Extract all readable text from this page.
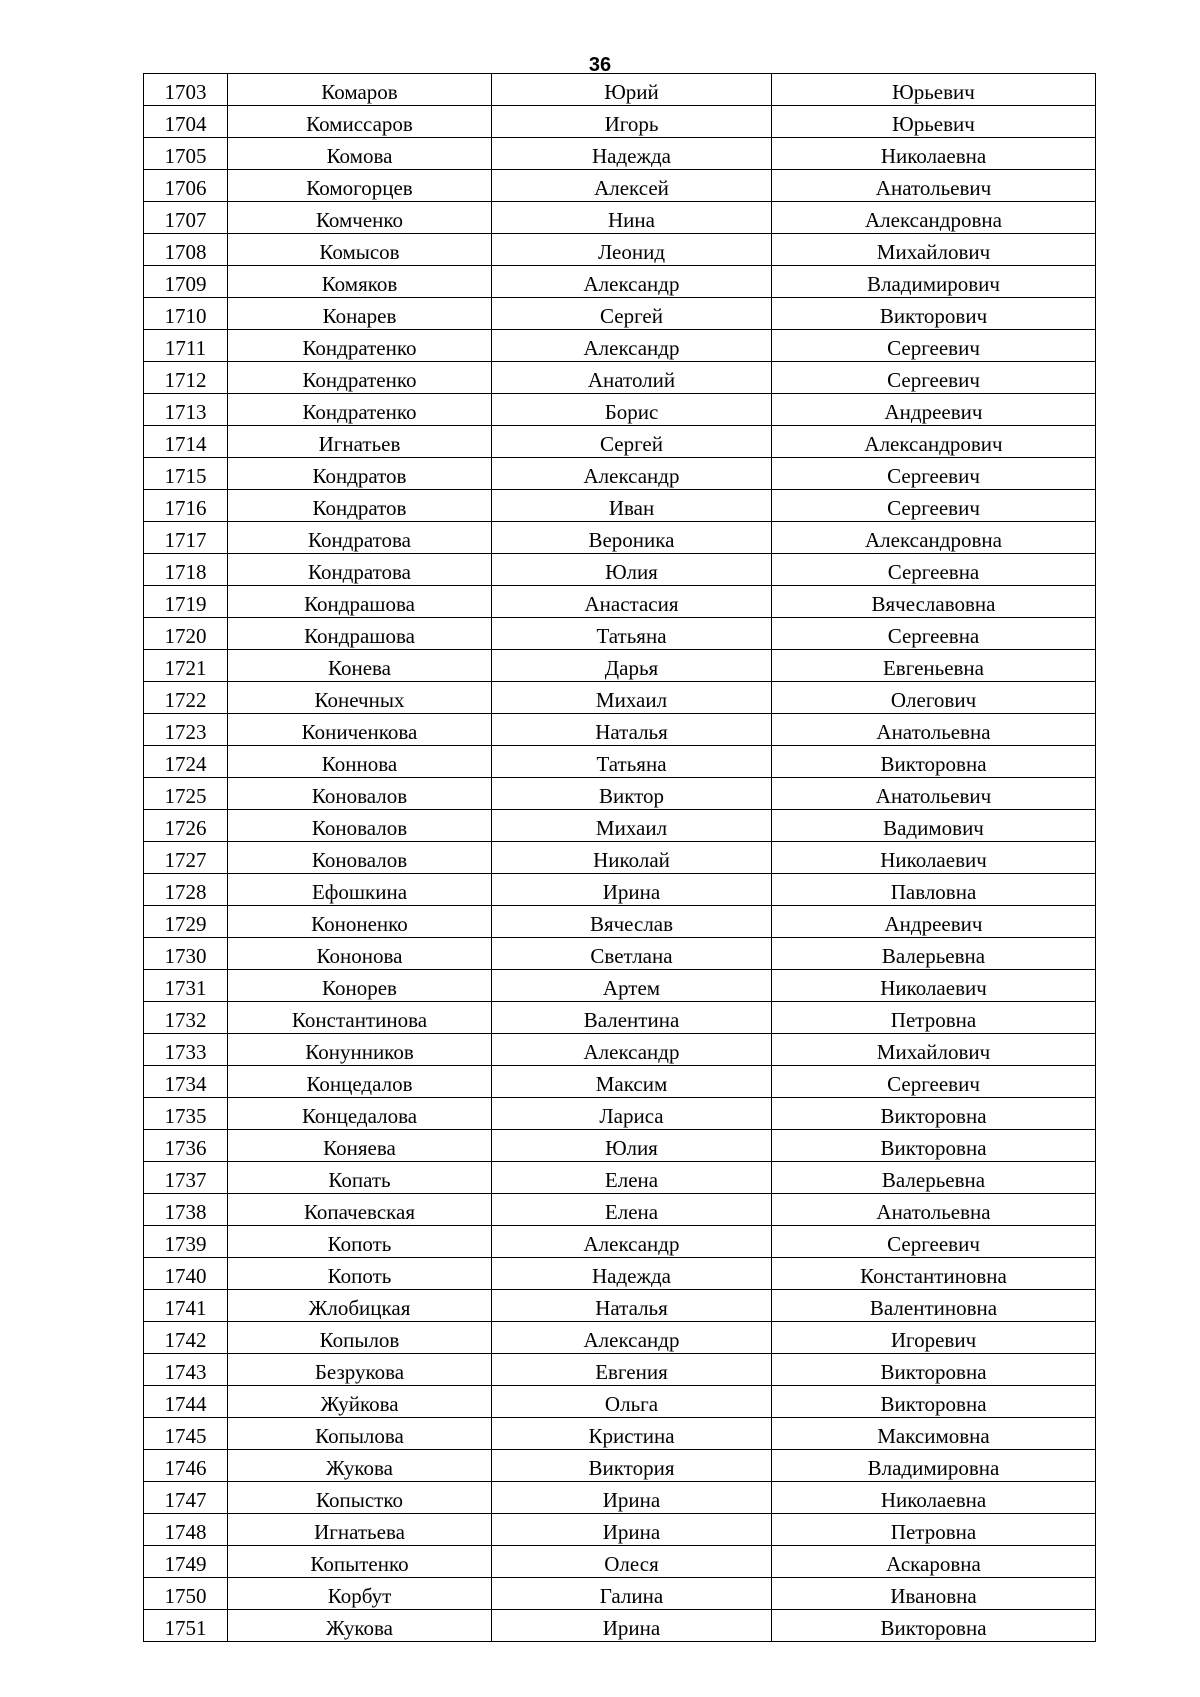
36
1703	Комаров	Юрий	Юрьевич
1704	Комиссаров	Игорь	Юрьевич
1705	Комова	Надежда	Николаевна
1706	Комогорцев	Алексей	Анатольевич
1707	Комченко	Нина	Александровна
1708	Комысов	Леонид	Михайлович
1709	Комяков	Александр	Владимирович
1710	Конарев	Сергей	Викторович
1711	Кондратенко	Александр	Сергеевич
1712	Кондратенко	Анатолий	Сергеевич
1713	Кондратенко	Борис	Андреевич
1714	Игнатьев	Сергей	Александрович
1715	Кондратов	Александр	Сергеевич
1716	Кондратов	Иван	Сергеевич
1717	Кондратова	Вероника	Александровна
1718	Кондратова	Юлия	Сергеевна
1719	Кондрашова	Анастасия	Вячеславовна
1720	Кондрашова	Татьяна	Сергеевна
1721	Конева	Дарья	Евгеньевна
1722	Конечных	Михаил	Олегович
1723	Коничeнкова	Наталья	Анатольевна
1724	Коннова	Татьяна	Викторовна
1725	Коновалов	Виктор	Анатольевич
1726	Коновалов	Михаил	Вадимович
1727	Коновалов	Николай	Николаевич
1728	Ефошкина	Ирина	Павловна
1729	Кононенко	Вячеслав	Андреевич
1730	Кононова	Светлана	Валерьевна
1731	Конорев	Артем	Николаевич
1732	Константинова	Валентина	Петровна
1733	Конунников	Александр	Михайлович
1734	Концедалов	Максим	Сергеевич
1735	Концедалова	Лариса	Викторовна
1736	Коняева	Юлия	Викторовна
1737	Копать	Елена	Валерьевна
1738	Копачевская	Елена	Анатольевна
1739	Копоть	Александр	Сергеевич
1740	Копоть	Надежда	Константиновна
1741	Жлобицкая	Наталья	Валентиновна
1742	Копылов	Александр	Игоревич
1743	Безрукова	Евгения	Викторовна
1744	Жуйкова	Ольга	Викторовна
1745	Копылова	Кристина	Максимовна
1746	Жукова	Виктория	Владимировна
1747	Копыстко	Ирина	Николаевна
1748	Игнатьева	Ирина	Петровна
1749	Копытенко	Олеся	Аскаровна
1750	Корбут	Галина	Ивановна
1751	Жукова	Ирина	Викторовна
